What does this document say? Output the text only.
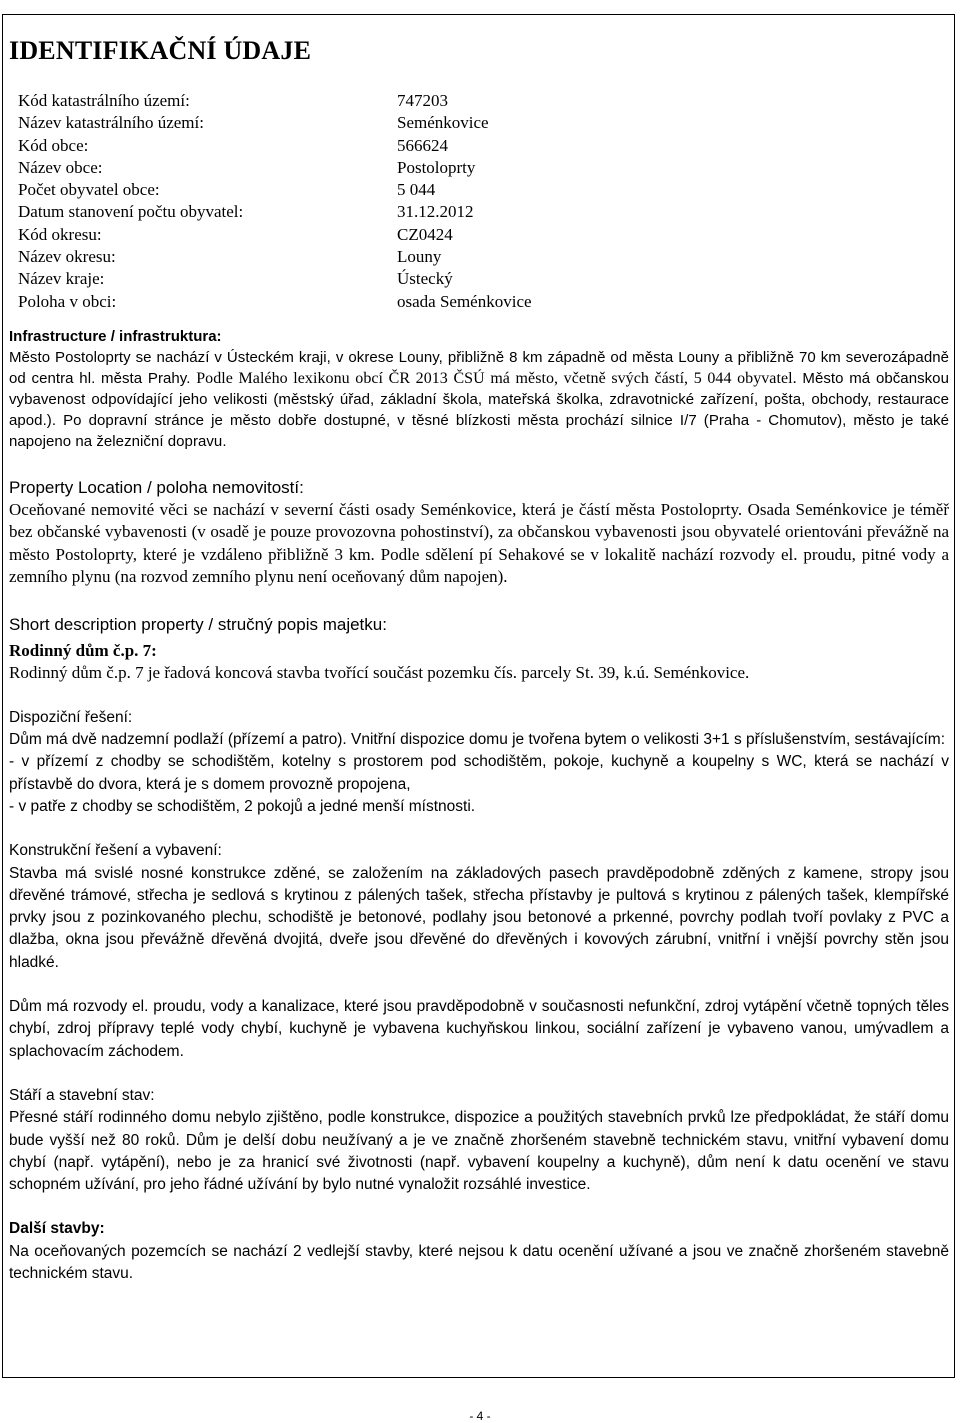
IDENTIFIKAČNÍ ÚDAJE
Kód katastrálního území:	747203
Název katastrálního území:	Seménkovice
Kód obce:	566624
Název obce:	Postoloprty
Počet obyvatel obce:	5 044
Datum stanovení počtu obyvatel:	31.12.2012
Kód okresu:	CZ0424
Název okresu:	Louny
Název kraje:	Ústecký
Poloha v obci:	osada Seménkovice
Infrastructure / infrastruktura:
Město Postoloprty se nachází v Ústeckém kraji, v okrese Louny, přibližně 8 km západně od města Louny a přibližně 70 km severozápadně od centra hl. města Prahy. Podle Malého lexikonu obcí ČR 2013 ČSÚ má město, včetně svých částí, 5 044 obyvatel. Město má občanskou vybavenost odpovídající jeho velikosti (městský úřad, základní škola, mateřská školka, zdravotnické zařízení, pošta, obchody, restaurace apod.). Po dopravní stránce je město dobře dostupné, v těsné blízkosti města prochází silnice I/7 (Praha - Chomutov), město je také napojeno na železniční dopravu.
Property Location / poloha nemovitostí:
Oceňované nemovité věci se nachází v severní části osady Seménkovice, která je částí města Postoloprty. Osada Seménkovice je téměř bez občanské vybavenosti (v osadě je pouze provozovna pohostinství), za občanskou vybavenosti jsou obyvatelé orientováni převážně na město Postoloprty, které je vzdáleno přibližně 3 km. Podle sdělení pí Sehakové se v lokalitě nachází rozvody el. proudu, pitné vody a zemního plynu (na rozvod zemního plynu není oceňovaný dům napojen).
Short description property / stručný popis majetku:
Rodinný dům č.p. 7:
Rodinný dům č.p. 7 je řadová koncová stavba tvořící součást pozemku čís. parcely St. 39, k.ú. Seménkovice.
Dispoziční řešení:
Dům má dvě nadzemní podlaží (přízemí a patro). Vnitřní dispozice domu je tvořena bytem o velikosti 3+1 s příslušenstvím, sestávajícím:
- v přízemí z chodby se schodištěm, kotelny s prostorem pod schodištěm, pokoje, kuchyně a koupelny s WC, která se nachází v přístavbě do dvora, která je s domem provozně propojena,
- v patře z chodby se schodištěm, 2 pokojů a jedné menší místnosti.
Konstrukční řešení a vybavení:
Stavba má svislé nosné konstrukce zděné, se založením na základových pasech pravděpodobně zděných z kamene, stropy jsou dřevěné trámové, střecha je sedlová s krytinou z pálených tašek, střecha přístavby je pultová s krytinou z pálených tašek, klempířské prvky jsou z pozinkovaného plechu, schodiště je betonové, podlahy jsou betonové a prkenné, povrchy podlah tvoří povlaky z PVC a dlažba, okna jsou převážně dřevěná dvojitá, dveře jsou dřevěné do dřevěných i kovových zárubní, vnitřní i vnější povrchy stěn jsou hladké.
Dům má rozvody el. proudu, vody a kanalizace, které jsou pravděpodobně v současnosti nefunkční, zdroj vytápění včetně topných těles chybí, zdroj přípravy teplé vody chybí, kuchyně je vybavena kuchyňskou linkou, sociální zařízení je vybaveno vanou, umývadlem a splachovacím záchodem.
Stáří a stavební stav:
Přesné stáří rodinného domu nebylo zjištěno, podle konstrukce, dispozice a použitých stavebních prvků lze předpokládat, že stáří domu bude vyšší než 80 roků. Dům je delší dobu neužívaný a je ve značně zhoršeném stavebně technickém stavu, vnitřní vybavení domu chybí (např. vytápění), nebo je za hranicí své životnosti (např. vybavení koupelny a kuchyně), dům není k datu ocenění ve stavu schopném užívání, pro jeho řádné užívání by bylo nutné vynaložit rozsáhlé investice.
Další stavby:
Na oceňovaných pozemcích se nachází 2 vedlejší stavby, které nejsou k datu ocenění užívané a jsou ve značně zhoršeném stavebně technickém stavu.
- 4 -
